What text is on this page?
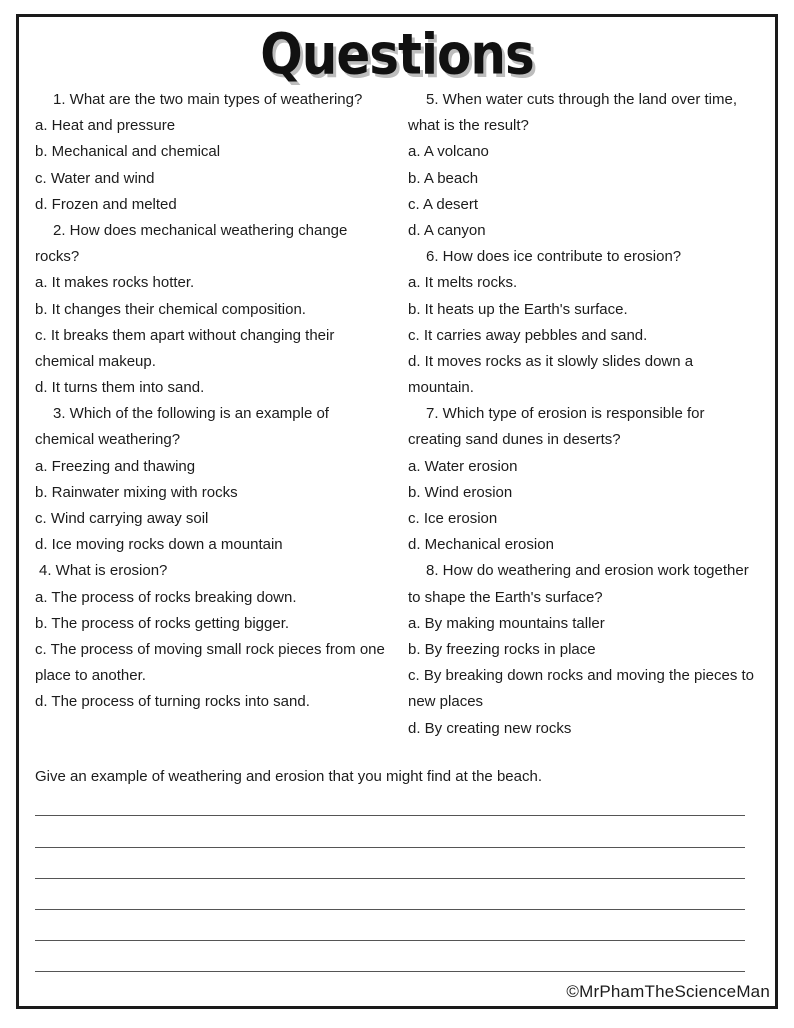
Questions
1. What are the two main types of weathering?
a. Heat and pressure
b. Mechanical and chemical
c. Water and wind
d. Frozen and melted
2. How does mechanical weathering change
rocks?
a. It makes rocks hotter.
b. It changes their chemical composition.
c. It breaks them apart without changing their
chemical makeup.
d. It turns them into sand.
3. Which of the following is an example of
chemical weathering?
a. Freezing and thawing
b. Rainwater mixing with rocks
c. Wind carrying away soil
d. Ice moving rocks down a mountain
4. What is erosion?
a. The process of rocks breaking down.
b. The process of rocks getting bigger.
c. The process of moving small rock pieces from one
place to another.
d. The process of turning rocks into sand.
5. When water cuts through the land over time,
what is the result?
a. A volcano
b. A beach
c. A desert
d. A canyon
6. How does ice contribute to erosion?
a. It melts rocks.
b. It heats up the Earth's surface.
c. It carries away pebbles and sand.
d. It moves rocks as it slowly slides down a
mountain.
7. Which type of erosion is responsible for
creating sand dunes in deserts?
a. Water erosion
b. Wind erosion
c. Ice erosion
d. Mechanical erosion
8. How do weathering and erosion work together
to shape the Earth's surface?
a. By making mountains taller
b. By freezing rocks in place
c. By breaking down rocks and moving the pieces to
new places
d. By creating new rocks
Give an example of weathering and erosion that you might find at the beach.
©MrPhamTheScienceMan
